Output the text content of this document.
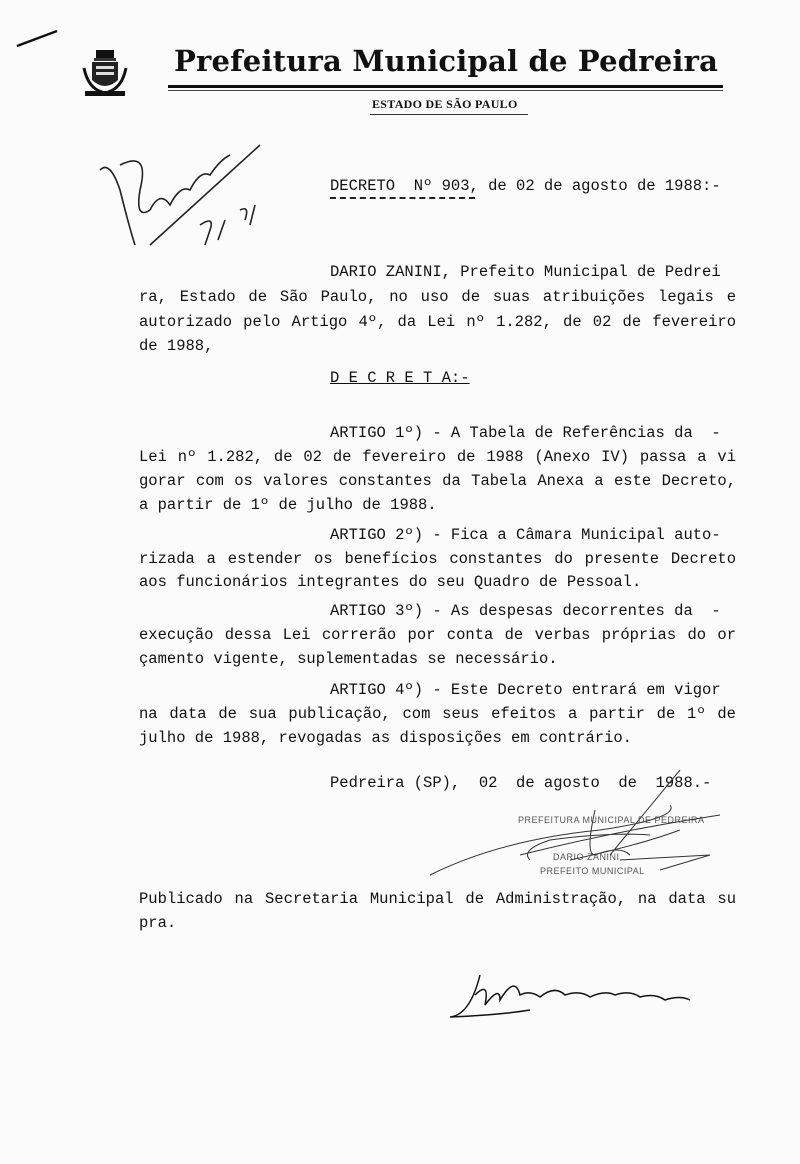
Prefeitura Municipal de Pedreira
ESTADO DE SÃO PAULO
DECRETO  Nº 903, de 02 de agosto de 1988:-
DARIO ZANINI, Prefeito Municipal de Pedrei
ra, Estado de São Paulo, no uso de suas atribuições legais e
autorizado pelo Artigo 4º, da Lei nº 1.282, de 02 de fevereiro
de 1988,
D E C R E T A:-
ARTIGO 1º) - A Tabela de Referências da  -
Lei nº 1.282, de 02 de fevereiro de 1988 (Anexo IV) passa a vi
gorar com os valores constantes da Tabela Anexa a este Decreto,
a partir de 1º de julho de 1988.
ARTIGO 2º) - Fica a Câmara Municipal auto-
rizada a estender os benefícios constantes do presente Decreto
aos funcionários integrantes do seu Quadro de Pessoal.
ARTIGO 3º) - As despesas decorrentes da  -
execução dessa Lei correrão por conta de verbas próprias do or
çamento vigente, suplementadas se necessário.
ARTIGO 4º) - Este Decreto entrará em vigor
na data de sua publicação, com seus efeitos a partir de 1º de
julho de 1988, revogadas as disposições em contrário.
Pedreira (SP),  02  de agosto  de  1988.-
PREFEITURA MUNICIPAL DE PEDREIRA
DARIO ZANINI
PREFEITO MUNICIPAL
Publicado na Secretaria Municipal de Administração, na data su
pra.
